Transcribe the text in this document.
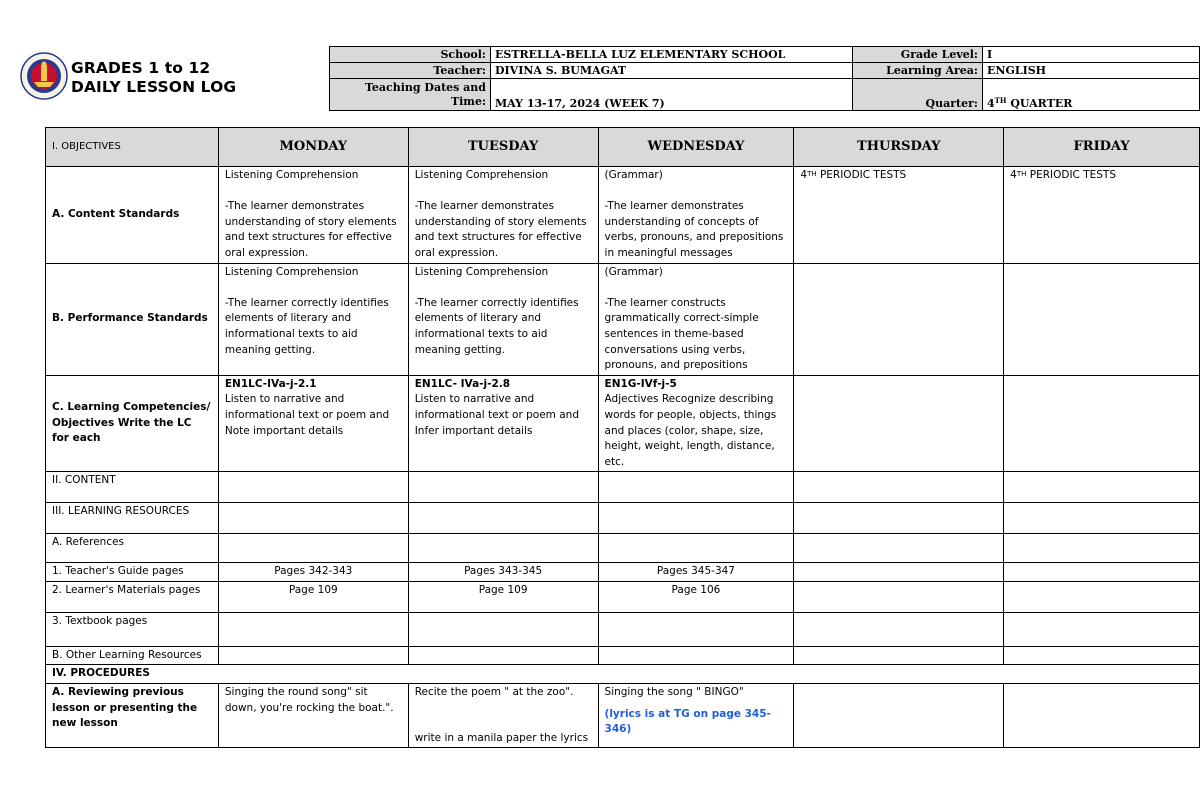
GRADES 1 to 12
DAILY LESSON LOG
School:	ESTRELLA-BELLA LUZ ELEMENTARY SCHOOL	Grade Level:	I
Teacher:	DIVINA S. BUMAGAT	Learning Area:	ENGLISH

Teaching Dates and
Time:	MAY 13-17, 2024 (WEEK 7)	Quarter:	4TH QUARTER
I. OBJECTIVES	MONDAY	TUESDAY	WEDNESDAY	THURSDAY	FRIDAY
A. Content Standards	Listening Comprehension

-The learner demonstrates understanding of story elements and text structures for effective oral expression.	Listening Comprehension

-The learner demonstrates understanding of story elements and text structures for effective oral expression.	(Grammar)

-The learner demonstrates understanding of concepts of verbs, pronouns, and prepositions in meaningful messages	4TH PERIODIC TESTS	4TH PERIODIC TESTS
B. Performance Standards	Listening Comprehension

-The learner correctly identifies elements of literary and informational texts to aid meaning getting.	Listening Comprehension

-The learner correctly identifies elements of literary and informational texts to aid meaning getting.	(Grammar)

-The learner constructs grammatically correct-simple sentences in theme-based conversations using verbs, pronouns, and prepositions		
C. Learning Competencies/ Objectives Write the LC for each	EN1LC-IVa-j-2.1
Listen to narrative and informational text or poem and Note important details	EN1LC- IVa-j-2.8
Listen to narrative and informational text or poem and Infer important details	EN1G-IVf-j-5
Adjectives Recognize describing words for people, objects, things and places (color, shape, size, height, weight, length, distance, etc.		
II. CONTENT					
III. LEARNING RESOURCES					
A. References					
1. Teacher's Guide pages	Pages 342-343	Pages 343-345	Pages 345-347		
2. Learner's Materials pages	Page 109	Page 109	Page 106		
3. Textbook pages					
B. Other Learning Resources					
IV. PROCEDURES					
A. Reviewing previous lesson or presenting the new lesson	Singing the round song" sit down, you're rocking the boat.".	Recite the poem " at the zoo".
write in a manila paper the lyrics	Singing the song " BINGO"
(lyrics is at TG on page 345-346)		
